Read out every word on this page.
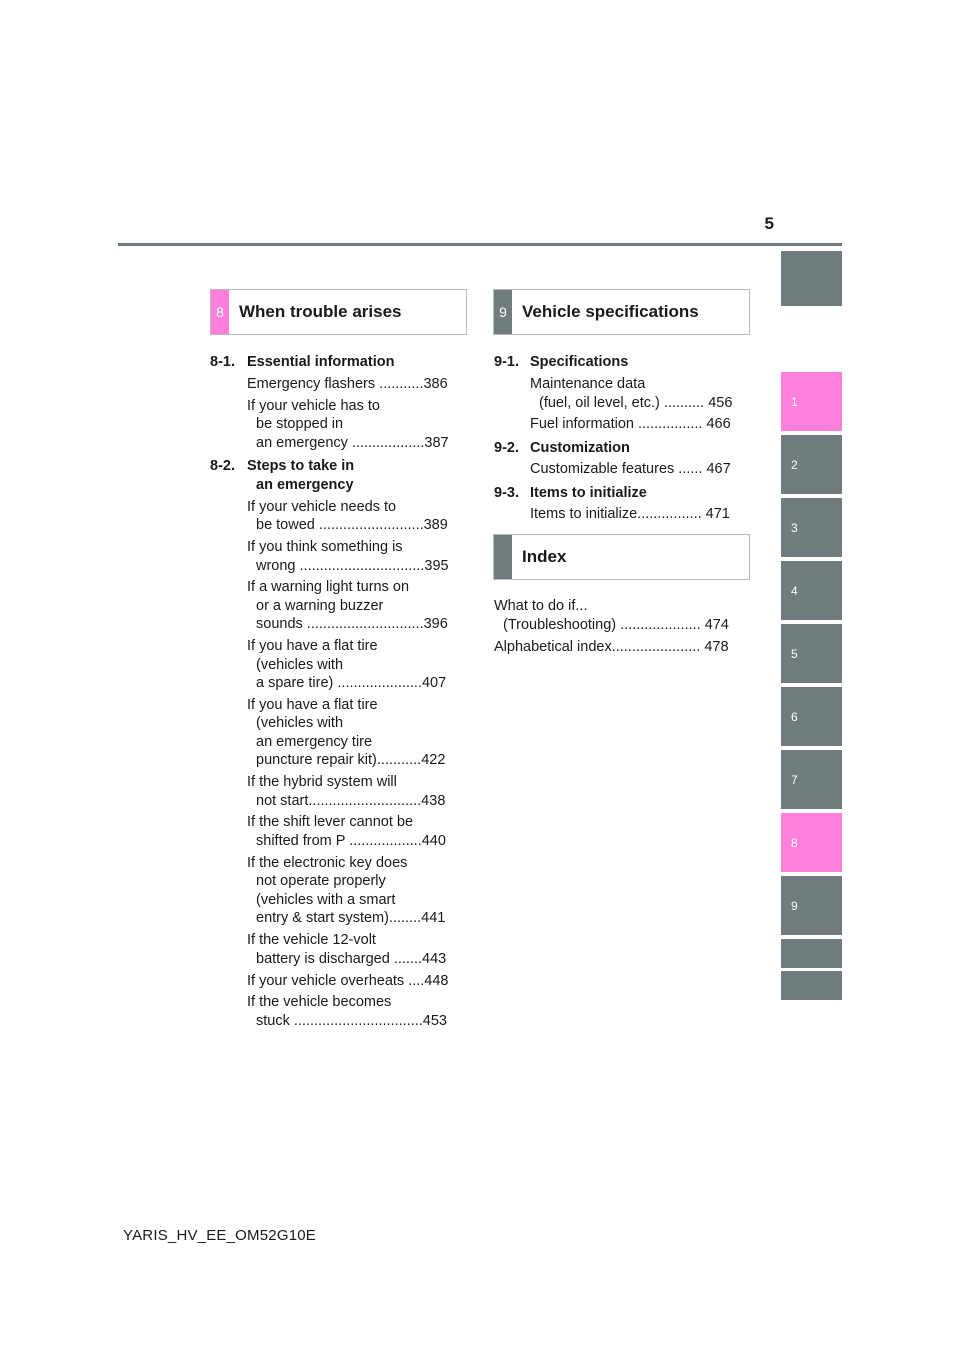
5
1
2
3
4
5
6
7
8
9
8 When trouble arises
8-1. Essential information
Emergency flashers ...........386
If your vehicle has to
be stopped in
an emergency ..................387
8-2. Steps to take in
an emergency
If your vehicle needs to
be towed ..........................389
If you think something is
wrong ...............................395
If a warning light turns on
or a warning buzzer
sounds .............................396
If you have a flat tire
(vehicles with
a spare tire) .....................407
If you have a flat tire
(vehicles with
an emergency tire
puncture repair kit)...........422
If the hybrid system will
not start............................438
If the shift lever cannot be
shifted from P ..................440
If the electronic key does
not operate properly
(vehicles with a smart
entry & start system)........441
If the vehicle 12-volt
battery is discharged .......443
If your vehicle overheats ....448
If the vehicle becomes
stuck ................................453
9 Vehicle specifications
9-1. Specifications
Maintenance data
(fuel, oil level, etc.) .......... 456
Fuel information ................ 466
9-2. Customization
Customizable features ...... 467
9-3. Items to initialize
Items to initialize................ 471
Index
What to do if...
(Troubleshooting) .................... 474
Alphabetical index...................... 478
YARIS_HV_EE_OM52G10E
